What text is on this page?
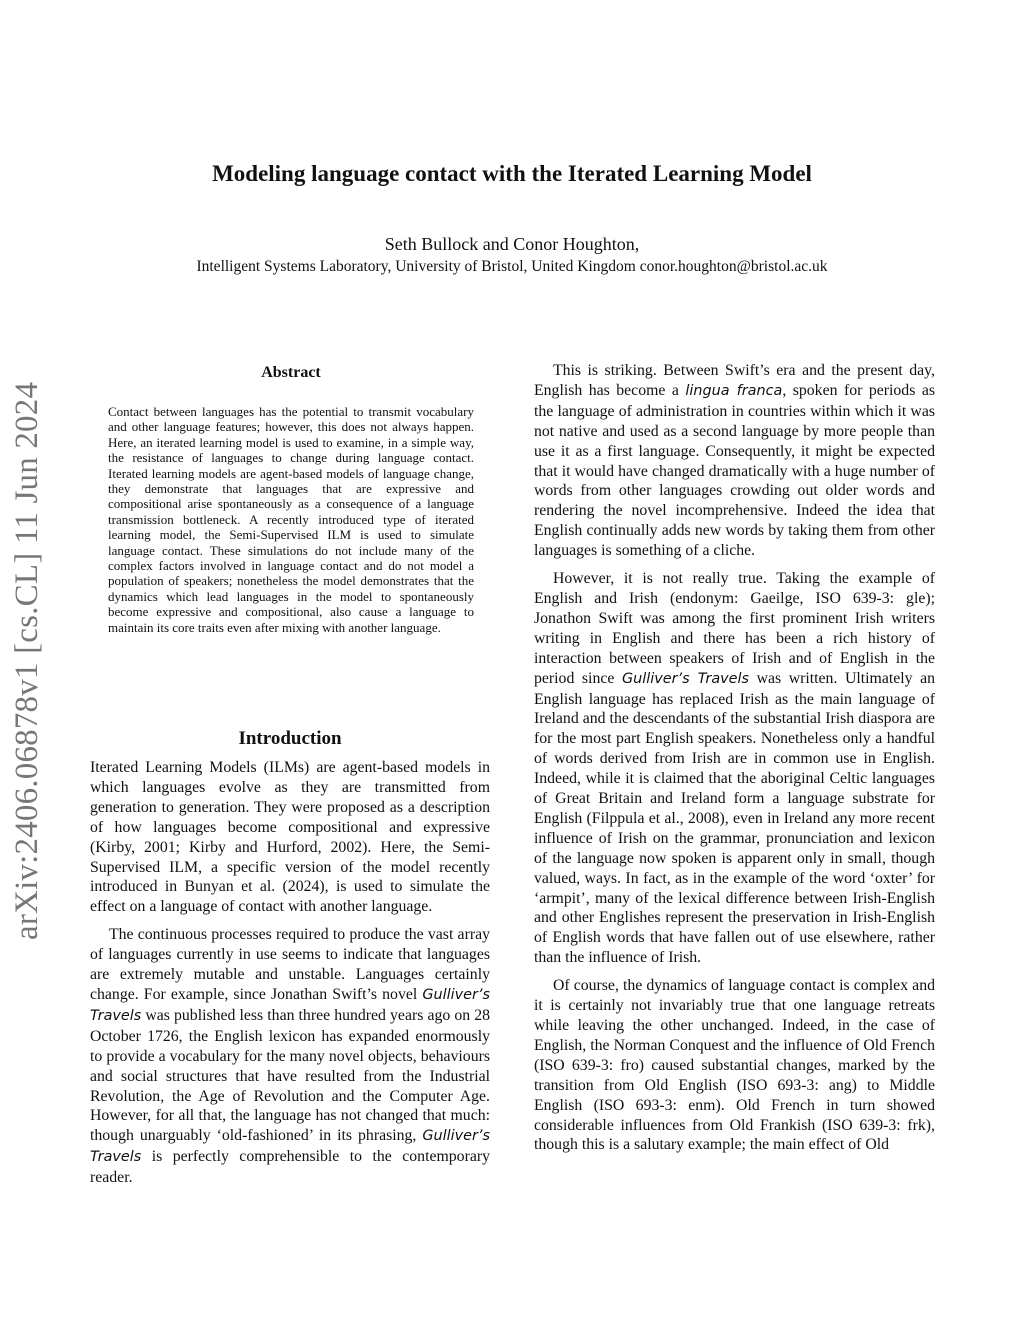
arXiv:2406.06878v1 [cs.CL] 11 Jun 2024
Modeling language contact with the Iterated Learning Model
Seth Bullock and Conor Houghton,
Intelligent Systems Laboratory, University of Bristol, United Kingdom conor.houghton@bristol.ac.uk
Abstract

Contact between languages has the potential to transmit vocabulary and other language features; however, this does not always happen. Here, an iterated learning model is used to examine, in a simple way, the resistance of languages to change during language contact. Iterated learning models are agent-based models of language change, they demonstrate that languages that are expressive and compositional arise spontaneously as a consequence of a language transmission bottleneck. A recently introduced type of iterated learning model, the Semi-Supervised ILM is used to simulate language contact. These simulations do not include many of the complex factors involved in language contact and do not model a population of speakers; nonetheless the model demonstrates that the dynamics which lead languages in the model to spontaneously become expressive and compositional, also cause a language to maintain its core traits even after mixing with another language.

Introduction

Iterated Learning Models (ILMs) are agent-based models in which languages evolve as they are transmitted from generation to generation. They were proposed as a description of how languages become compositional and expressive (Kirby, 2001; Kirby and Hurford, 2002). Here, the Semi-Supervised ILM, a specific version of the model recently introduced in Bunyan et al. (2024), is used to simulate the effect on a language of contact with another language.

The continuous processes required to produce the vast array of languages currently in use seems to indicate that languages are extremely mutable and unstable. Languages certainly change. For example, since Jonathan Swift’s novel Gulliver’s Travels was published less than three hundred years ago on 28 October 1726, the English lexicon has expanded enormously to provide a vocabulary for the many novel objects, behaviours and social structures that have resulted from the Industrial Revolution, the Age of Revolution and the Computer Age. However, for all that, the language has not changed that much: though unarguably ‘old-fashioned’ in its phrasing, Gulliver’s Travels is perfectly comprehensible to the contemporary reader.

This is striking. Between Swift’s era and the present day, English has become a lingua franca, spoken for periods as the language of administration in countries within which it was not native and used as a second language by more people than use it as a first language. Consequently, it might be expected that it would have changed dramatically with a huge number of words from other languages crowding out older words and rendering the novel incomprehensive. Indeed the idea that English continually adds new words by taking them from other languages is something of a cliche.

However, it is not really true. Taking the example of English and Irish (endonym: Gaeilge, ISO 639-3: gle); Jonathon Swift was among the first prominent Irish writers writing in English and there has been a rich history of interaction between speakers of Irish and of English in the period since Gulliver’s Travels was written. Ultimately an English language has replaced Irish as the main language of Ireland and the descendants of the substantial Irish diaspora are for the most part English speakers. Nonetheless only a handful of words derived from Irish are in common use in English. Indeed, while it is claimed that the aboriginal Celtic languages of Great Britain and Ireland form a language substrate for English (Filppula et al., 2008), even in Ireland any more recent influence of Irish on the grammar, pronunciation and lexicon of the language now spoken is apparent only in small, though valued, ways. In fact, as in the example of the word ‘oxter’ for ‘armpit’, many of the lexical difference between Irish-English and other Englishes represent the preservation in Irish-English of English words that have fallen out of use elsewhere, rather than the influence of Irish.

Of course, the dynamics of language contact is complex and it is certainly not invariably true that one language retreats while leaving the other unchanged. Indeed, in the case of English, the Norman Conquest and the influence of Old French (ISO 639-3: fro) caused substantial changes, marked by the transition from Old English (ISO 693-3: ang) to Middle English (ISO 693-3: enm). Old French in turn showed considerable influences from Old Frankish (ISO 639-3: frk), though this is a salutary example; the main effect of Old
